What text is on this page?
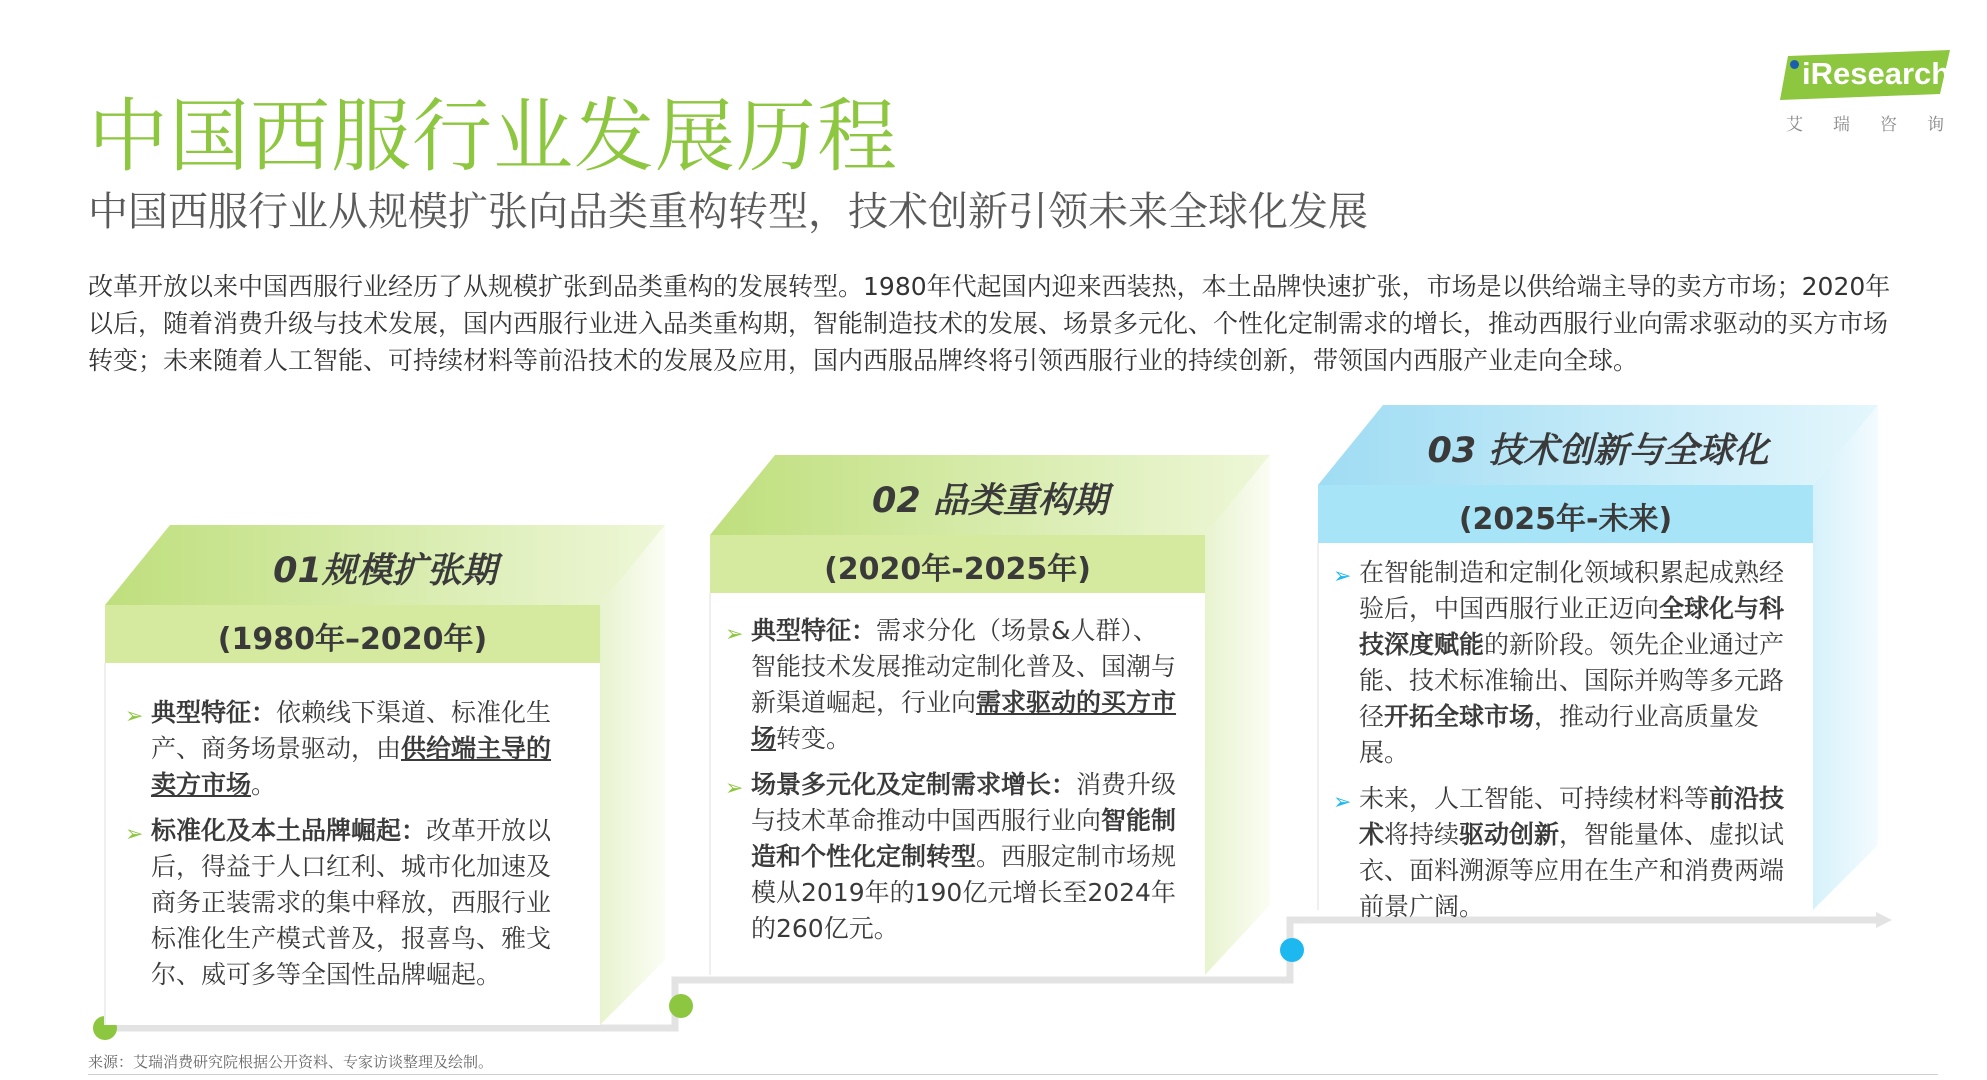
中国西服行业发展历程
中国西服行业从规模扩张向品类重构转型，技术创新引领未来全球化发展
改革开放以来中国西服行业经历了从规模扩张到品类重构的发展转型。1980年代起国内迎来西装热，本土品牌快速扩张，市场是以供给端主导的卖方市场；2020年以后，随着消费升级与技术发展，国内西服行业进入品类重构期，智能制造技术的发展、场景多元化、个性化定制需求的增长，推动西服行业向需求驱动的买方市场转变；未来随着人工智能、可持续材料等前沿技术的发展及应用，国内西服品牌终将引领西服行业的持续创新，带领国内西服产业走向全球。
iResearch
艾瑞咨询
01规模扩张期
(1980年–2020年)
➢ 典型特征：依赖线下渠道、标准化生产、商务场景驱动，由供给端主导的卖方市场。
➢ 标准化及本土品牌崛起：改革开放以后，得益于人口红利、城市化加速及商务正装需求的集中释放，西服行业标准化生产模式普及，报喜鸟、雅戈尔、威可多等全国性品牌崛起。
02 品类重构期
(2020年-2025年)
➢ 典型特征：需求分化（场景&人群）、智能技术发展推动定制化普及、国潮与新渠道崛起，行业向需求驱动的买方市场转变。
➢ 场景多元化及定制需求增长：消费升级与技术革命推动中国西服行业向智能制造和个性化定制转型。西服定制市场规模从2019年的190亿元增长至2024年的260亿元。
03 技术创新与全球化
(2025年-未来)
➢ 在智能制造和定制化领域积累起成熟经验后，中国西服行业正迈向全球化与科技深度赋能的新阶段。领先企业通过产能、技术标准输出、国际并购等多元路径开拓全球市场，推动行业高质量发展。
➢ 未来，人工智能、可持续材料等前沿技术将持续驱动创新，智能量体、虚拟试衣、面料溯源等应用在生产和消费两端前景广阔。
来源：艾瑞消费研究院根据公开资料、专家访谈整理及绘制。
